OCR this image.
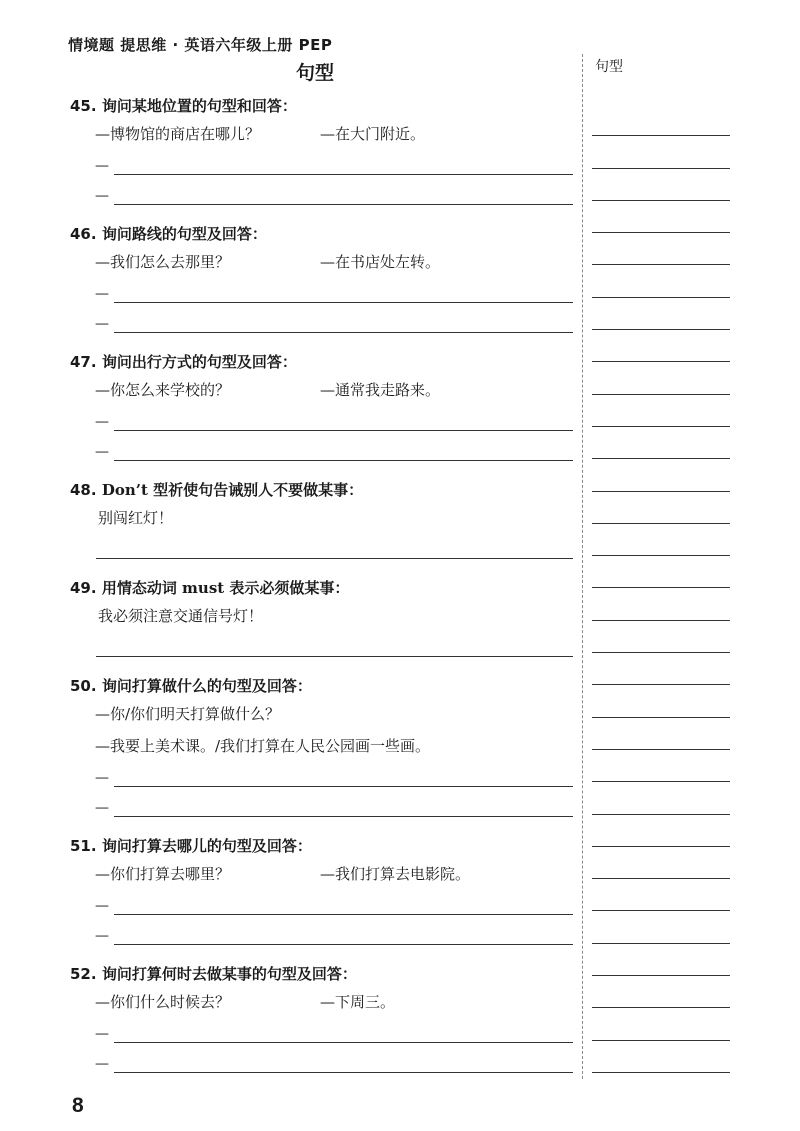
情境题 提思维 · 英语六年级上册 PEP
句型	句型
45. 询问某地位置的句型和回答：
—博物馆的商店在哪儿？	—在大门附近。
—
—
46. 询问路线的句型及回答：
—我们怎么去那里？	—在书店处左转。
—
—
47. 询问出行方式的句型及回答：
—你怎么来学校的？	—通常我走路来。
—
—
48. Don’t 型祈使句告诫别人不要做某事：
别闯红灯！
49. 用情态动词 must 表示必须做某事：
我必须注意交通信号灯！
50. 询问打算做什么的句型及回答：
—你/你们明天打算做什么？
—我要上美术课。/我们打算在人民公园画一些画。
—
—
51. 询问打算去哪儿的句型及回答：
—你们打算去哪里？	—我们打算去电影院。
—
—
52. 询问打算何时去做某事的句型及回答：
—你们什么时候去？	—下周三。
—
—
8
